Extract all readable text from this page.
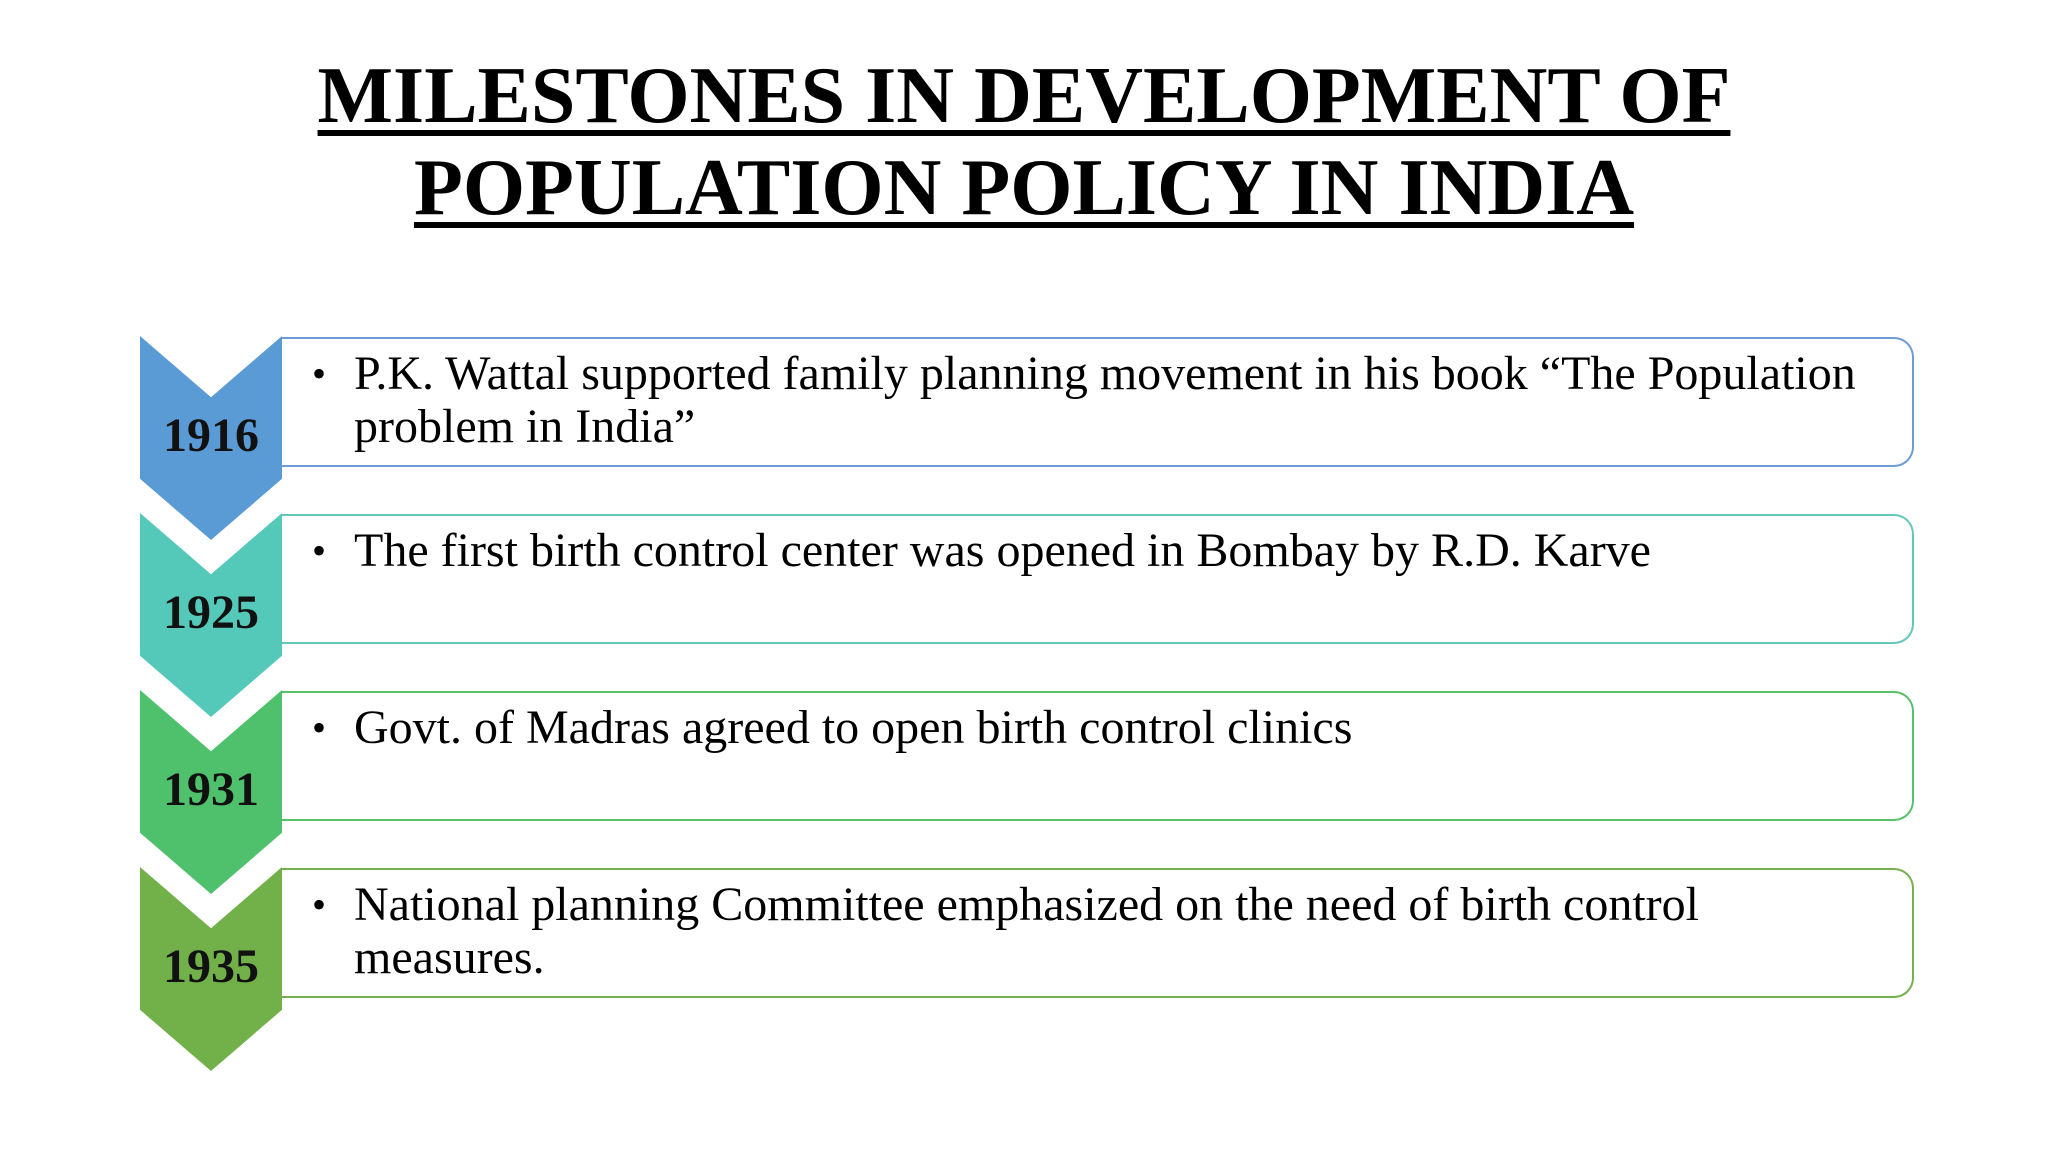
MILESTONES IN DEVELOPMENT OF
POPULATION POLICY IN INDIA
• P.K. Wattal supported family planning movement in his book “The Population problem in India”
• The first birth control center was opened in Bombay by R.D. Karve
• Govt. of Madras agreed to open birth control clinics
• National planning Committee emphasized on the need of birth control measures.
1916
1925
1931
1935
